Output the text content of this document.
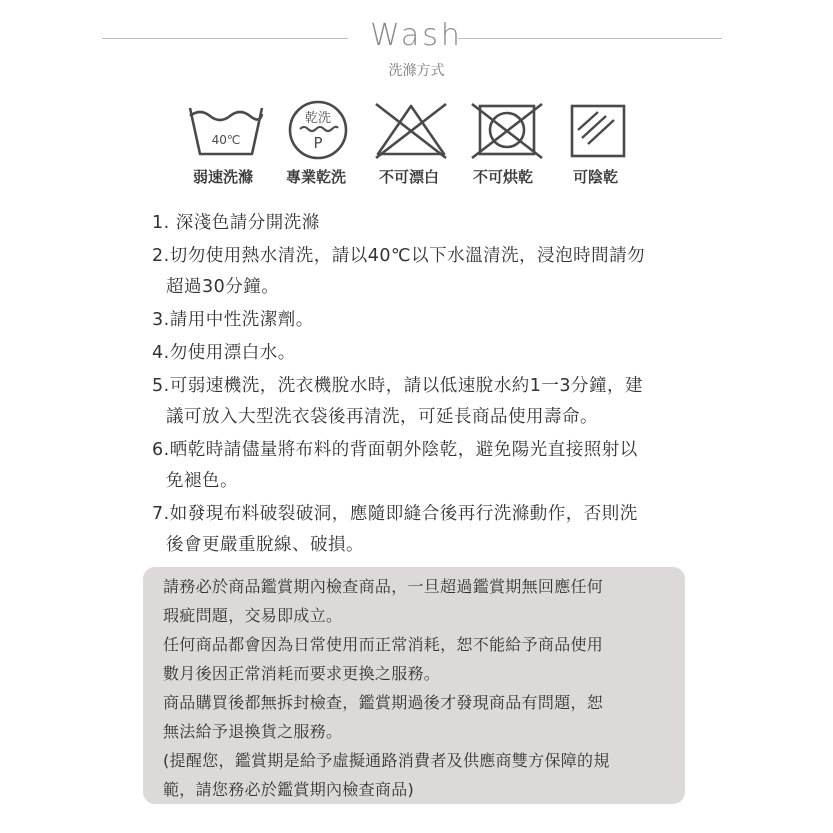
Wash
洗滌方式
40℃
乾洗
P
弱速洗滌 專業乾洗 不可漂白 不可烘乾	可陰乾
1. 深淺色請分開洗滌
2.切勿使用熱水清洗，請以40℃以下水溫清洗，浸泡時間請勿
超過30分鐘。
3.請用中性洗潔劑。
4.勿使用漂白水。
5.可弱速機洗，洗衣機脫水時，請以低速脫水約1一3分鐘，建
議可放入大型洗衣袋後再清洗，可延長商品使用壽命。
6.晒乾時請儘量將布料的背面朝外陰乾，避免陽光直接照射以
免褪色。
7.如發現布料破裂破洞，應隨即縫合後再行洗滌動作，否則洗
後會更嚴重脫線、破損。

請務必於商品鑑賞期內檢查商品，一旦超過鑑賞期無回應任何

瑕疵問題，交易即成立。

任何商品都會因為日常使用而正常消耗，恕不能給予商品使用

數月後因正常消耗而要求更換之服務。

商品購買後都無拆封檢查，鑑賞期過後才發現商品有問題，恕

無法給予退換貨之服務。

(提醒您，鑑賞期是給予虛擬通路消費者及供應商雙方保障的規

範，請您務必於鑑賞期內檢查商品)
